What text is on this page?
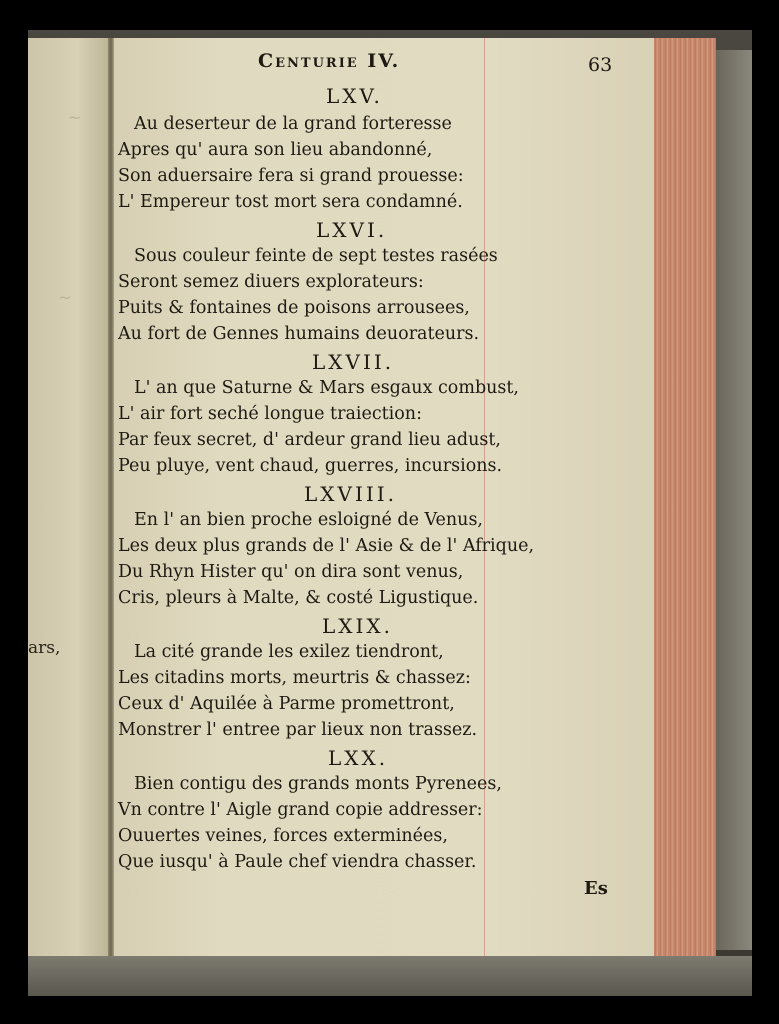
~
~
ars,
Centurie IV.	63
LXV.
Au deserteur de la grand forteresse
Apres qu' aura son lieu abandonné,
Son aduersaire fera si grand prouesse:
L' Empereur tost mort sera condamné.
LXVI.
Sous couleur feinte de sept testes rasées
Seront semez diuers explorateurs:
Puits & fontaines de poisons arrousees,
Au fort de Gennes humains deuorateurs.
LXVII.
L' an que Saturne & Mars esgaux combust,
L' air fort seché longue traiection:
Par feux secret, d' ardeur grand lieu adust,
Peu pluye, vent chaud, guerres, incursions.
LXVIII.
En l' an bien proche esloigné de Venus,
Les deux plus grands de l' Asie & de l' Afrique,
Du Rhyn Hister qu' on dira sont venus,
Cris, pleurs à Malte, & costé Ligustique.
LXIX.
La cité grande les exilez tiendront,
Les citadins morts, meurtris & chassez:
Ceux d' Aquilée à Parme promettront,
Monstrer l' entree par lieux non trassez.
LXX.
Bien contigu des grands monts Pyrenees,
Vn contre l' Aigle grand copie addresser:
Ouuertes veines, forces exterminées,
Que iusqu' à Paule chef viendra chasser.
Es
